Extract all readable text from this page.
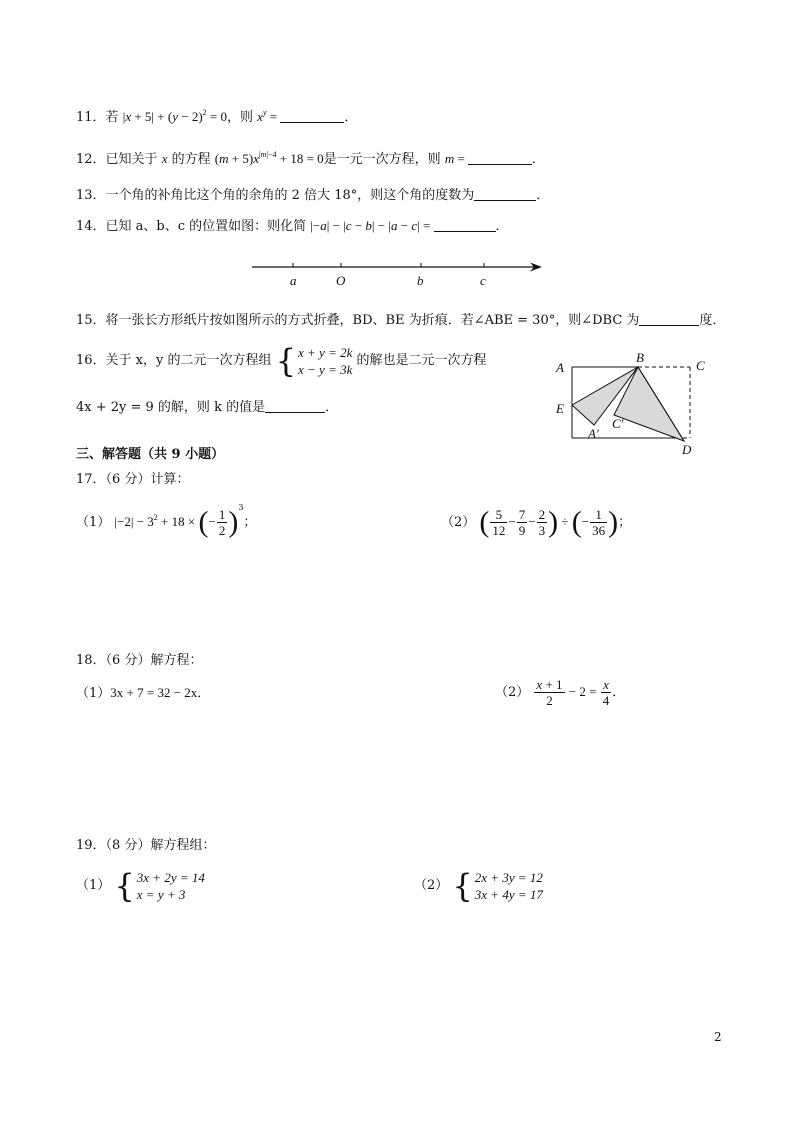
11．若 $|x + 5| + (y - 2)^2 = 0$，则 $x^y$ =	．
12．已知关于 x 的方程 $(m + 5)x^{|m|-4} + 18 = 0$是一元一次方程，则 m =	．
13．一个角的补角比这个角的余角的 2 倍大 18°，则这个角的度数为	．
14．已知 a、b、c 的位置如图：则化简 |−a| − |c − b| − |a − c| =	．
a	O	b	c
15．将一张长方形纸片按如图所示的方式折叠，BD、BE 为折痕．若∠ABE = 30°，则∠DBC 为	度．
16．关于 x，y 的二元一次方程组 { x + y = 2k
x − y = 3k
的解也是二元一次方程
4x + 2y = 9 的解，则 k 的值是	．
A
B
C
E
A′
C′
D
三、解答题（共 9 小题）
17．（6 分）计算：
（1） $|-2| - 3^2 + 18$ × (− $\frac{1}{2} )^3$；	（2） ( $\frac{5}{12} - \frac{7}{9} - \frac{2}{3}$ ) ÷ (− $\frac{1}{36}$ )；
18．（6 分）解方程：
（1）3x + 7 = 32 − 2x．	$(2) \frac{x + 1}{2} - 2 = \frac{x}{4}$ ．
19．（8 分）解方程组：
（1） { 3x + 2y = 14
x = y + 3
（2） { 2x + 3y = 12
3x + 4y = 17
2
